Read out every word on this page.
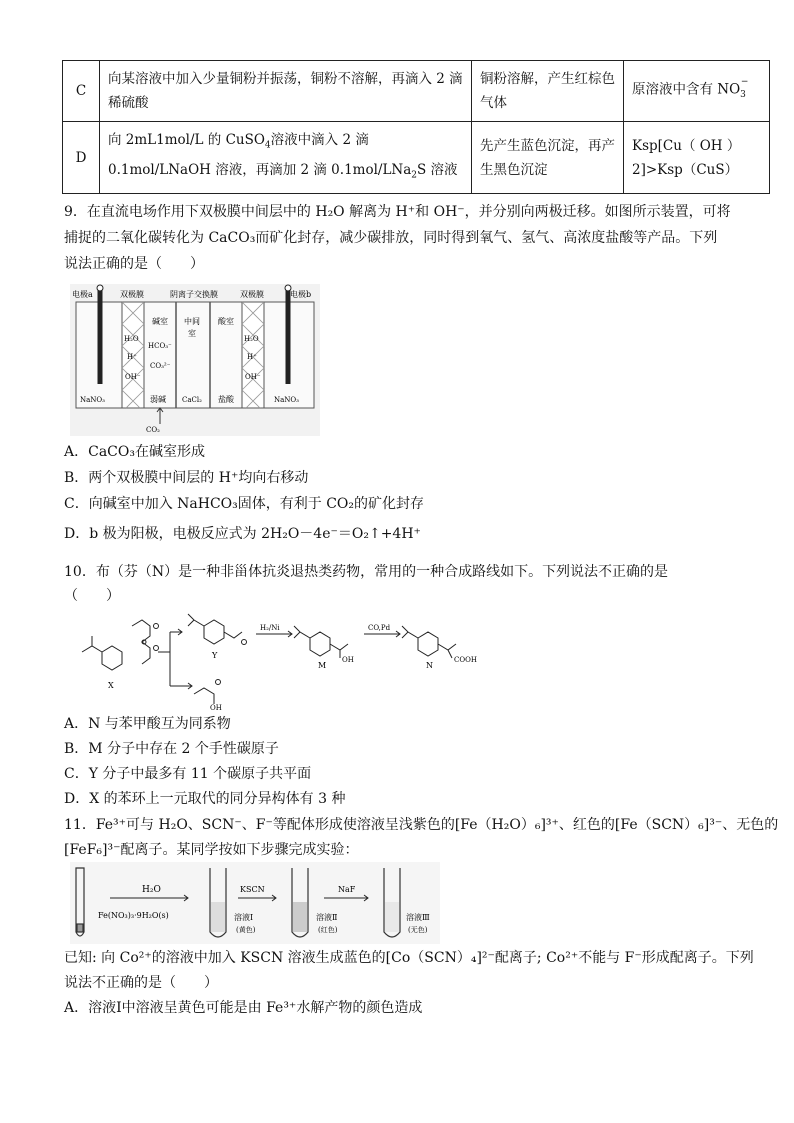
C	向某溶液中加入少量铜粉并振荡，铜粉不溶解，再滴入 2 滴稀硫酸	铜粉溶解，产生红棕色气体	原溶液中含有 $NO_3^-$
D	向 2mL1mol/L 的 CuSO$_4$溶液中滴入 2 滴 0.1mol/LNaOH 溶液，再滴加 2 滴 0.1mol/LNa$_2$S 溶液	先产生蓝色沉淀，再产生黑色沉淀	Ksp[Cu（ OH ）2]>Ksp（CuS）
9．在直流电场作用下双极膜中间层中的 H₂O 解离为 H⁺和 OH⁻，并分别向两极迁移。如图所示装置，可将
捕捉的二氧化碳转化为 CaCO₃而矿化封存，减少碳排放，同时得到氧气、氢气、高浓度盐酸等产品。下列
说法正确的是（　　）
电极a	电极b
双极膜	阴离子交换膜	双极膜
H₂O
H⁺
OH⁻
H₂O
H⁺
OH⁻
碱室
HCO₃⁻
CO₃²⁻
弱碱
中间
室
CaCl₂
酸室
盐酸
NaNO₃	NaNO₃
CO₂
A．CaCO₃在碱室形成
B．两个双极膜中间层的 H⁺均向右移动
C．向碱室中加入 NaHCO₃固体，有利于 CO₂的矿化封存
D．b 极为阳极，电极反应式为 2H₂O－4e⁻＝O₂↑+4H⁺
10．布（芬（N）是一种非甾体抗炎退热类药物，常用的一种合成路线如下。下列说法不正确的是
（　　）
X
OH
Y
H₂/Ni
M
OH
CO,Pd
N
COOH
A．N 与苯甲酸互为同系物
B．M 分子中存在 2 个手性碳原子
C．Y 分子中最多有 11 个碳原子共平面
D．X 的苯环上一元取代的同分异构体有 3 种
11．Fe³⁺可与 H₂O、SCN⁻、F⁻等配体形成使溶液呈浅紫色的[Fe（H₂O）₆]³⁺、红色的[Fe（SCN）₆]³⁻、无色的
[FeF₆]³⁻配离子。某同学按如下步骤完成实验：
Fe(NO₃)₃·9H₂O(s)
H₂O
溶液Ⅰ
(黄色)
KSCN
溶液Ⅱ
(红色)
NaF
溶液Ⅲ
(无色)
已知: 向 Co²⁺的溶液中加入 KSCN 溶液生成蓝色的[Co（SCN）₄]²⁻配离子; Co²⁺不能与 F⁻形成配离子。下列
说法不正确的是（　　）
A．溶液Ⅰ中溶液呈黄色可能是由 Fe³⁺水解产物的颜色造成
